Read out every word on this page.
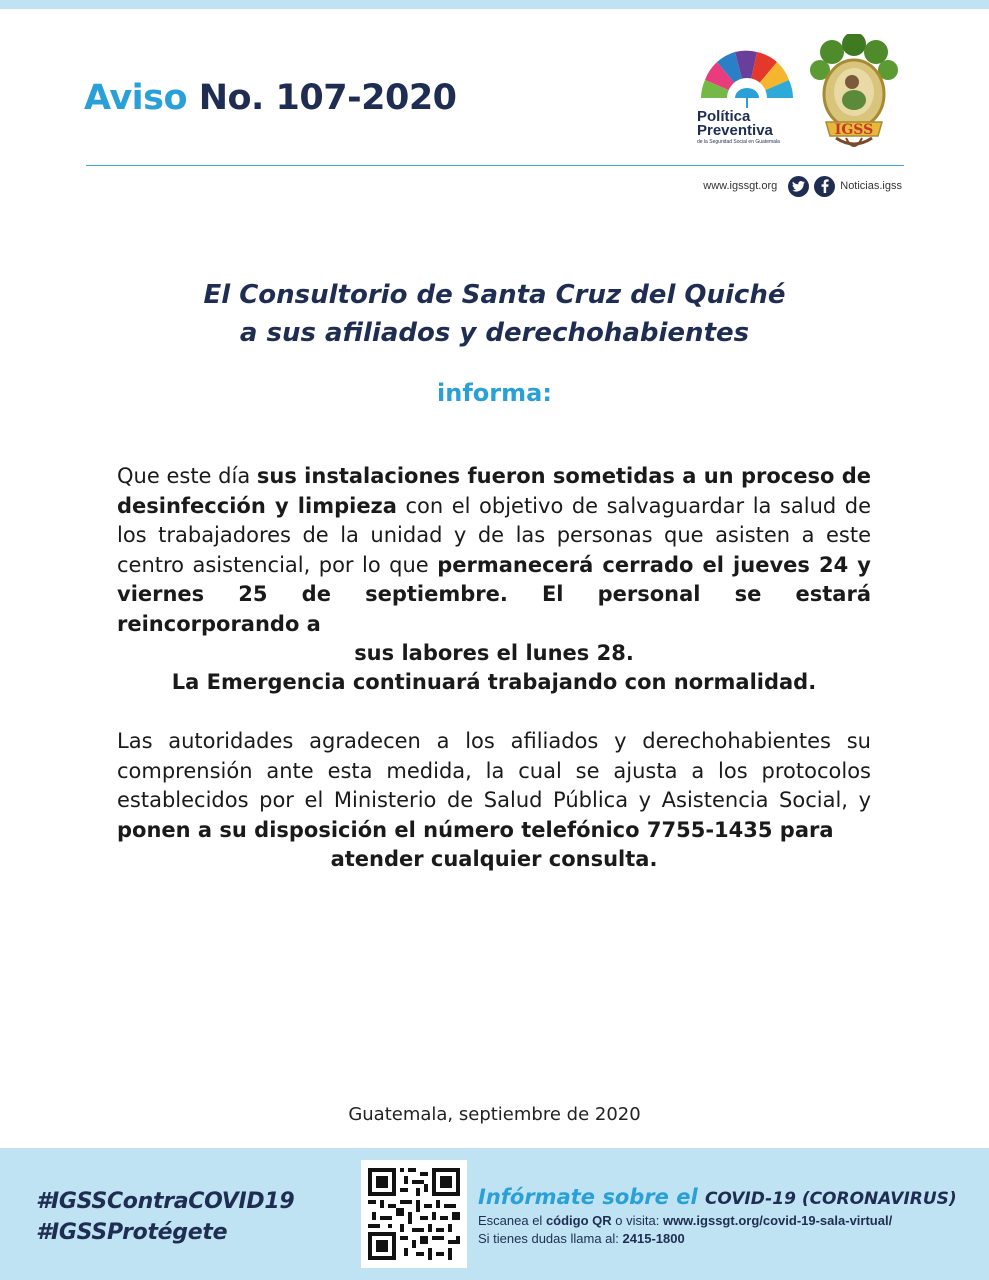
Aviso No. 107-2020	Política
Preventiva
de la Seguridad Social en Guatemala
IGSS
www.igssgt.org	Noticias.igss
El Consultorio de Santa Cruz del Quiché
a sus afiliados y derechohabientes
informa:
Que este día sus instalaciones fueron sometidas a un proceso de desinfección y limpieza con el objetivo de salvaguardar la salud de los trabajadores de la unidad y de las personas que asisten a este centro asistencial, por lo que permanecerá cerrado el jueves 24 y viernes 25 de septiembre. El personal se estará reincorporando a
sus labores el lunes 28.
La Emergencia continuará trabajando con normalidad.
Las autoridades agradecen a los afiliados y derechohabientes su comprensión ante esta medida, la cual se ajusta a los protocolos establecidos por el Ministerio de Salud Pública y Asistencia Social, y ponen a su disposición el número telefónico 7755-1435 para
atender cualquier consulta.
Guatemala, septiembre de 2020
#IGSSContraCOVID19
#IGSSProtégete
Infórmate sobre el COVID-19 (CORONAVIRUS)
Escanea el código QR o visita: www.igssgt.org/covid-19-sala-virtual/
Si tienes dudas llama al: 2415-1800
